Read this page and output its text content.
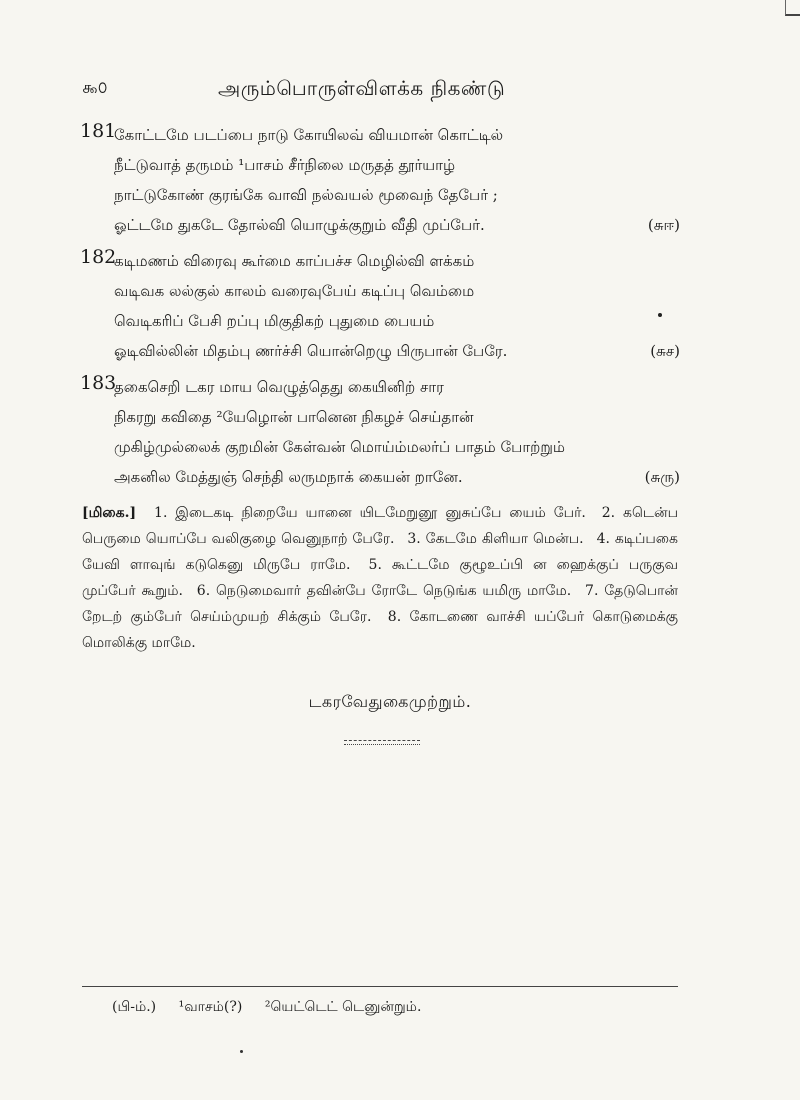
௯௦	அரும்பொருள்விளக்க நிகண்டு
181
கோட்டமே படப்பை நாடு கோயிலவ் வியமான் கொட்டில்
நீட்டுவாத் தருமம் ¹பாசம் சீர்நிலை மருதத் தூர்யாழ்
நாட்டுகோண் குரங்கே வாவி நல்வயல் மூவைந் தேபேர் ;
ஓட்டமே துகடே தோல்வி யொழுக்குறும் வீதி முப்பேர்.	(சுஈ)
182
கடிமணம் விரைவு கூர்மை காப்பச்ச மெழில்வி ளக்கம்
வடிவக லல்குல் காலம் வரைவுபேய் கடிப்பு வெம்மை
வெடிகரிப் பேசி றப்பு மிகுதிகற் புதுமை பையம்
ஓடிவில்லின் மிதம்பு ணர்ச்சி யொன்றெழு பிருபான் பேரே.	(சுச)
183
தகைசெறி டகர மாய வெழுத்தெது கையினிற் சார
நிகரறு கவிதை ²யேழொன் பானென நிகழச் செய்தான்
முகிழ்முல்லைக் குறமின் கேள்வன் மொய்ம்மலர்ப் பாதம் போற்றும்
அகனில மேத்துஞ் செந்தி லருமநாக் கையன் றானே.	(சுரு)
[மிகை.] 1. இடைகடி நிறையே யானை யிடமேறுனூ னுசுப்பே யைம் பேர். 2. கடென்ப பெருமை யொப்பே வலிகுழை வெனுநாற் பேரே. 3. கேடமே கிளியா மென்ப. 4. கடிப்பகை யேவி ளாவுங் கடுகெனு மிருபே ராமே. 5. கூட்டமே குழூஉப்பி ன ஹைக்குப் பருகுவ முப்பேர் கூறும். 6. நெடுமைவார் தவின்பே ரோடே நெடுங்க யமிரு மாமே. 7. தேடுபொன் றேடற் கும்பேர் செய்ம்முயற் சிக்கும் பேரே. 8. கோடணை வாச்சி யப்பேர் கொடுமைக்கு மொலிக்கு மாமே.
டகரவேதுகைமுற்றும்.
(பி-ம்.) ¹வாசம்(?) ²யெட்டெட் டெனுன்றும்.
